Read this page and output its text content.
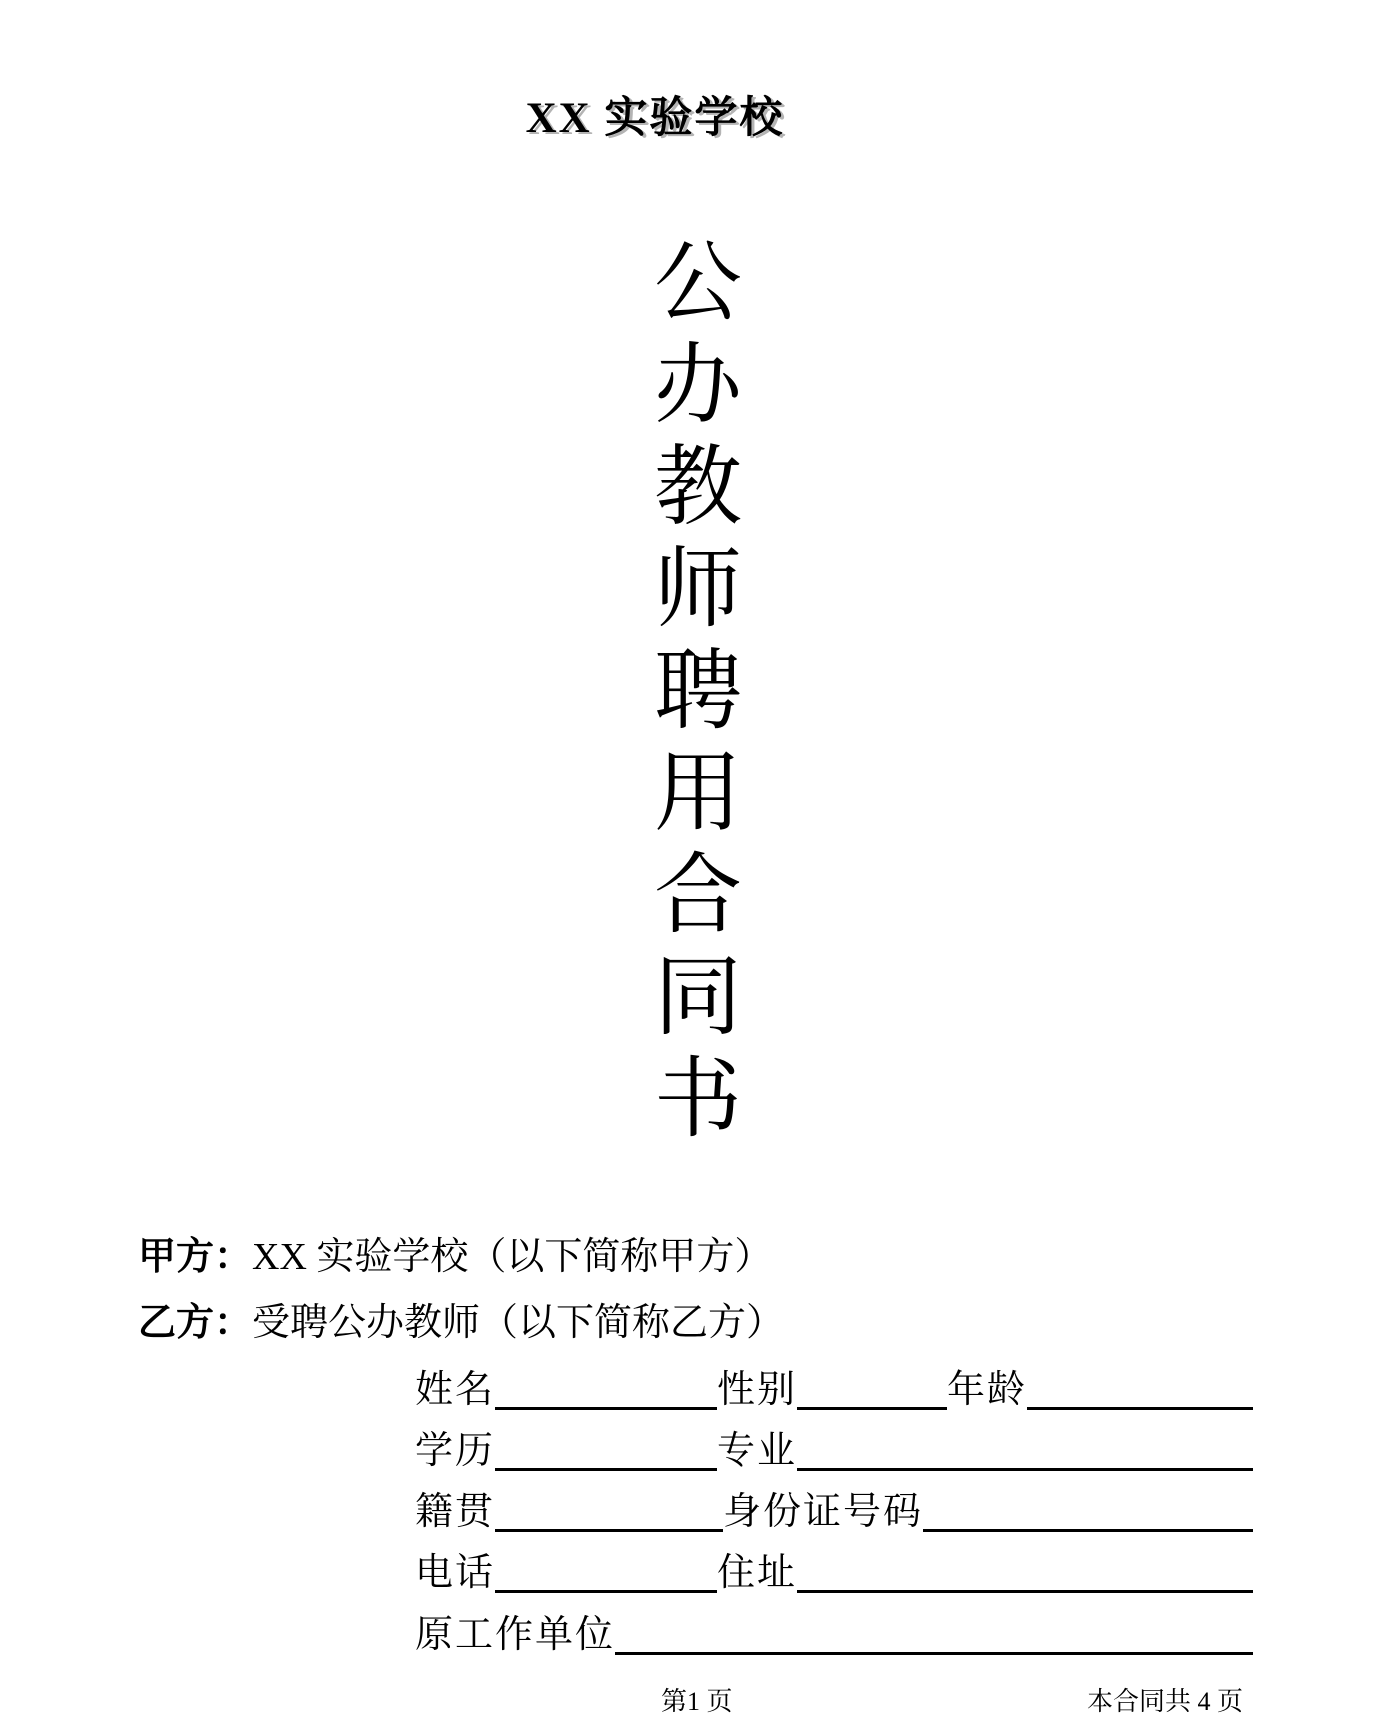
XX 实验学校
公
办
教
师
聘
用
合
同
书
甲方：XX 实验学校（以下简称甲方）
乙方：受聘公办教师（以下简称乙方）
姓名	性别	年龄
学历	专业
籍贯	身份证号码
电话	住址
原工作单位
第1 页	本合同共 4 页
